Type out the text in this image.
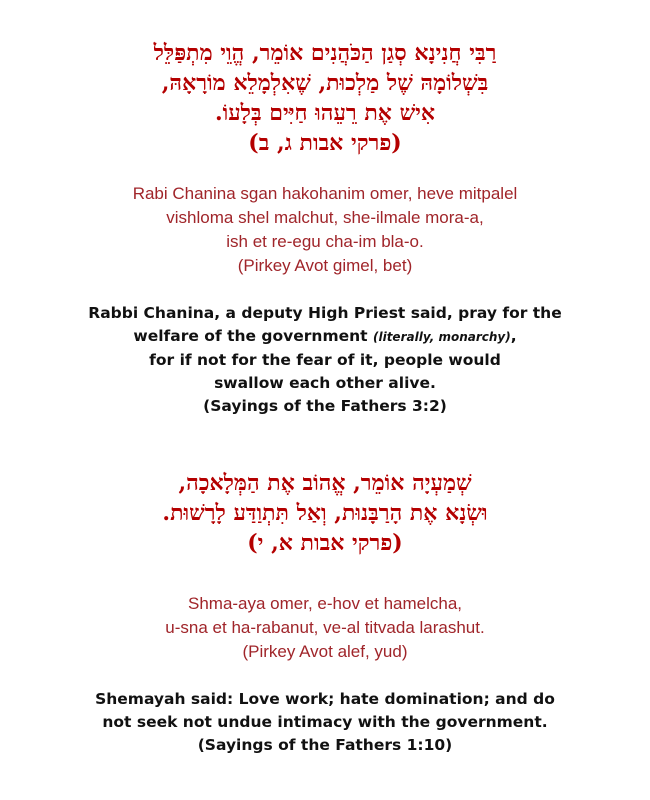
רַבִּי חֲנִינָא סְגַן הַכֹּהֲנִים אוֹמֵר, הֱוֵי מִתְפַּלֵּל
בִּשְׁלוֹמָהּ שֶׁל מַלְכוּת, שֶׁאִלְמָלֵא מוֹרָאָהּ,
אִישׁ אֶת רֵעֵהוּ חַיִּים בְּלָעוֹ.
(פרקי אבות ג, ב)
Rabi Chanina sgan hakohanim omer, heve mitpalel
vishloma shel malchut, she-ilmale mora-a,
ish et re-egu cha-im bla-o.
(Pirkey Avot gimel, bet)
Rabbi Chanina, a deputy High Priest said, pray for the
welfare of the government (literally, monarchy),
for if not for the fear of it, people would
swallow each other alive.
(Sayings of the Fathers 3:2)
שְׁמַעְיָה אוֹמֵר, אֱהוֹב אֶת הַמְּלָאכָה,
וּשְׂנָא אֶת הָרַבָּנוּת, וְאַל תִּתְוַדַּע לָרָשׁוּת.
(פרקי אבות א, י)
Shma-aya omer, e-hov et hamelcha,
u-sna et ha-rabanut, ve-al titvada larashut.
(Pirkey Avot alef, yud)
Shemayah said: Love work; hate domination; and do
not seek not undue intimacy with the government.
(Sayings of the Fathers 1:10)
